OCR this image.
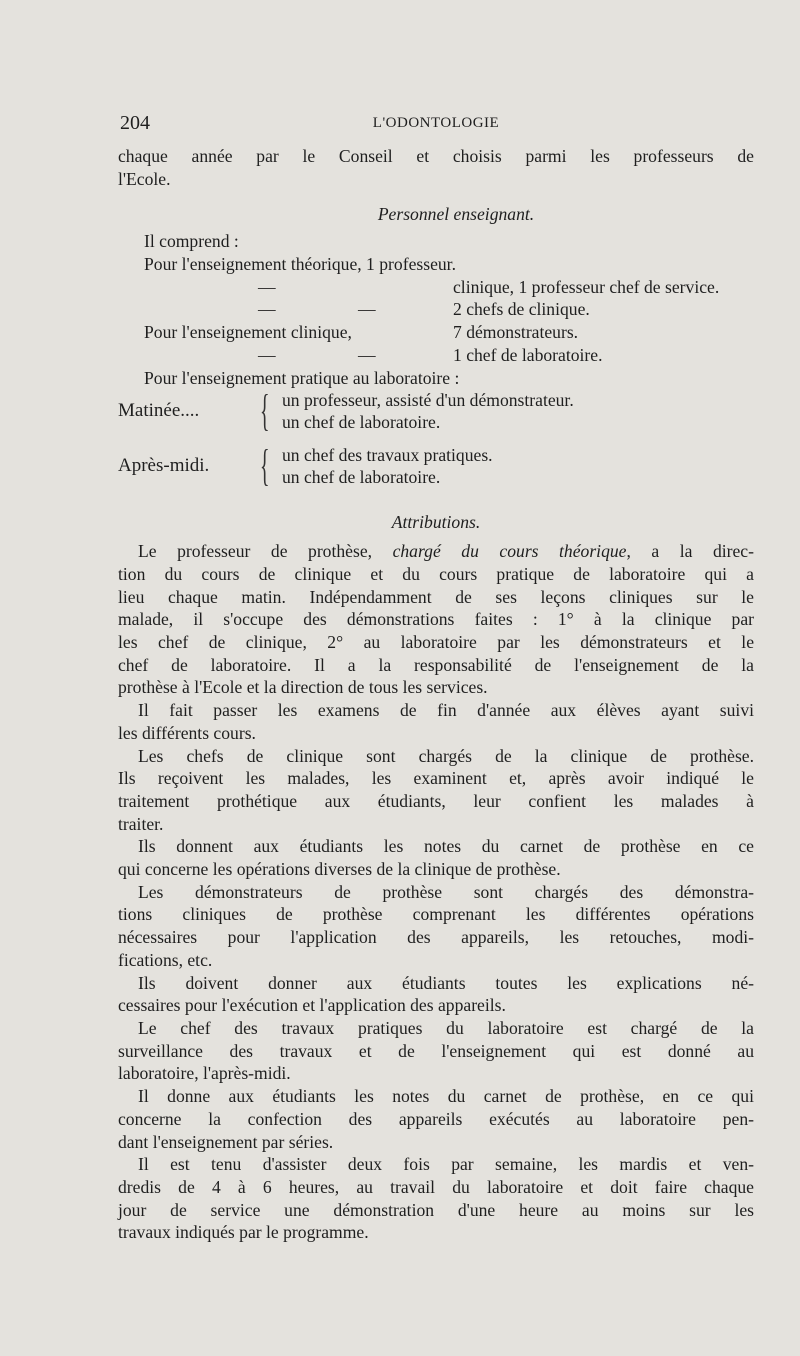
204	L'ODONTOLOGIE
chaque année par le Conseil et choisis parmi les professeurs de
l'Ecole.
Personnel enseignant.
Il comprend :
Pour l'enseignement théorique, 1 professeur.
—	clinique, 1 professeur chef de service.
—	—	2 chefs de clinique.
Pour l'enseignement clinique,	7 démonstrateurs.
—	—	1 chef de laboratoire.
Pour l'enseignement pratique au laboratoire :
Matinée.... { un professeur, assisté d'un démonstrateur.
un chef de laboratoire.
Après-midi. { un chef des travaux pratiques.
un chef de laboratoire.
Attributions.
Le professeur de prothèse, chargé du cours théorique, a la direc-
tion du cours de clinique et du cours pratique de laboratoire qui a
lieu chaque matin. Indépendamment de ses leçons cliniques sur le
malade, il s'occupe des démonstrations faites : 1° à la clinique par
les chef de clinique, 2° au laboratoire par les démonstrateurs et le
chef de laboratoire. Il a la responsabilité de l'enseignement de la
prothèse à l'Ecole et la direction de tous les services.
Il fait passer les examens de fin d'année aux élèves ayant suivi
les différents cours.
Les chefs de clinique sont chargés de la clinique de prothèse.
Ils reçoivent les malades, les examinent et, après avoir indiqué le
traitement prothétique aux étudiants, leur confient les malades à
traiter.
Ils donnent aux étudiants les notes du carnet de prothèse en ce
qui concerne les opérations diverses de la clinique de prothèse.
Les démonstrateurs de prothèse sont chargés des démonstra-
tions cliniques de prothèse comprenant les différentes opérations
nécessaires pour l'application des appareils, les retouches, modi-
fications, etc.
Ils doivent donner aux étudiants toutes les explications né-
cessaires pour l'exécution et l'application des appareils.
Le chef des travaux pratiques du laboratoire est chargé de la
surveillance des travaux et de l'enseignement qui est donné au
laboratoire, l'après-midi.
Il donne aux étudiants les notes du carnet de prothèse, en ce qui
concerne la confection des appareils exécutés au laboratoire pen-
dant l'enseignement par séries.
Il est tenu d'assister deux fois par semaine, les mardis et ven-
dredis de 4 à 6 heures, au travail du laboratoire et doit faire chaque
jour de service une démonstration d'une heure au moins sur les
travaux indiqués par le programme.
